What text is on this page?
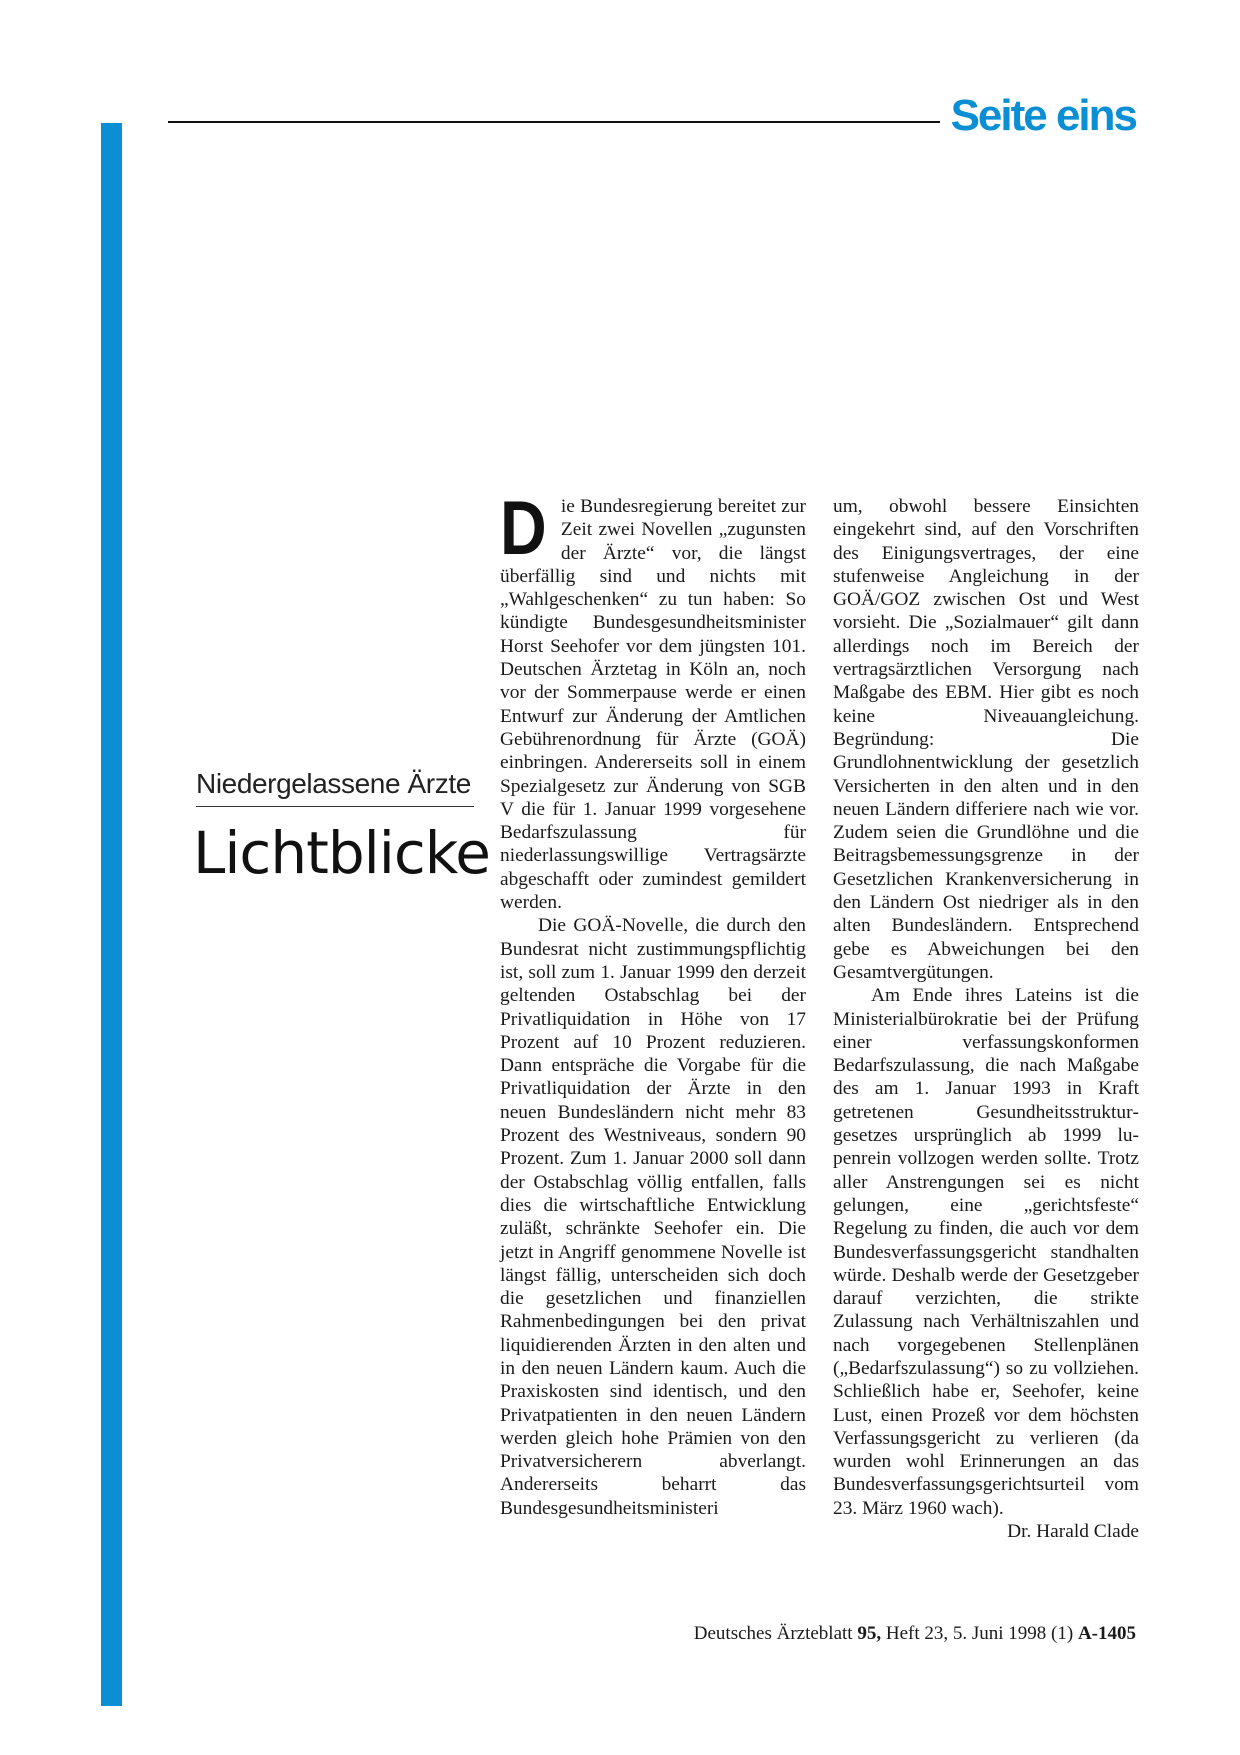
Seite eins
Niedergelassene Ärzte
Lichtblicke

Die Bundesregierung bereitet zur Zeit zwei Novellen „zugunsten der Ärzte“ vor, die längst überfällig sind und nichts mit „Wahlgeschenken“ zu tun haben: So kündigte Bundesgesundheitsminister Horst Seehofer vor dem jüngsten 101. Deutschen Ärztetag in Köln an, noch vor der Sommerpause werde er einen Entwurf zur Änderung der Amtlichen Gebührenordnung für Ärzte (GOÄ) einbringen. Andererseits soll in einem Spezialgesetz zur Änderung von SGB V die für 1. Januar 1999 vorgesehene Bedarfszulassung für niederlassungswillige Vertragsärzte abgeschafft oder zumindest gemildert werden.

Die GOÄ-Novelle, die durch den Bundesrat nicht zustimmungspflichtig ist, soll zum 1. Januar 1999 den derzeit geltenden Ostabschlag bei der Privatliquidation in Höhe von 17 Prozent auf 10 Prozent reduzieren. Dann entspräche die Vorgabe für die Privatliquidation der Ärzte in den neuen Bundesländern nicht mehr 83 Prozent des Westniveaus, sondern 90 Prozent. Zum 1. Januar 2000 soll dann der Ostabschlag völlig entfallen, falls dies die wirtschaftliche Entwicklung zuläßt, schränkte Seehofer ein. Die jetzt in Angriff genommene Novelle ist längst fällig, unterscheiden sich doch die gesetzlichen und finanziellen Rahmenbedingungen bei den privat liquidierenden Ärzten in den alten und in den neuen Ländern kaum. Auch die Praxiskosten sind identisch, und den Privatpatienten in den neuen Ländern werden gleich hohe Prämien von den Privatversicherern abverlangt. Andererseits beharrt das Bundesgesundheitsministeri

um, obwohl bessere Einsichten eingekehrt sind, auf den Vorschriften des Einigungsvertrages, der eine stufenweise Angleichung in der GOÄ/GOZ zwischen Ost und West vorsieht. Die „Sozialmauer“ gilt dann allerdings noch im Bereich der vertragsärztlichen Versorgung nach Maßgabe des EBM. Hier gibt es noch keine Niveauangleichung. Begründung: Die Grundlohnentwicklung der gesetzlich Versicherten in den alten und in den neuen Ländern differiere nach wie vor. Zudem seien die Grundlöhne und die Beitragsbemessungsgrenze in der Gesetzlichen Krankenversicherung in den Ländern Ost niedriger als in den alten Bundesländern. Entsprechend gebe es Abweichungen bei den Gesamtvergütungen.

Am Ende ihres Lateins ist die Ministerialbürokratie bei der Prüfung einer verfassungskonformen Bedarfszulassung, die nach Maßgabe des am 1. Januar 1993 in Kraft getretenen Gesundheitsstrukturgesetzes ursprünglich ab 1999 lupenrein vollzogen werden sollte. Trotz aller Anstrengungen sei es nicht gelungen, eine „gerichtsfeste“ Regelung zu finden, die auch vor dem Bundesverfassungsgericht standhalten würde. Deshalb werde der Gesetzgeber darauf verzichten, die strikte Zulassung nach Verhältniszahlen und nach vorgegebenen Stellenplänen („Bedarfszulassung“) so zu vollziehen. Schließlich habe er, Seehofer, keine Lust, einen Prozeß vor dem höchsten Verfassungsgericht zu verlieren (da wurden wohl Erinnerungen an das Bundesverfassungsgerichtsurteil vom 23. März 1960 wach).
Dr. Harald Clade

Deutsches Ärzteblatt 95, Heft 23, 5. Juni 1998 (1) A-1405
